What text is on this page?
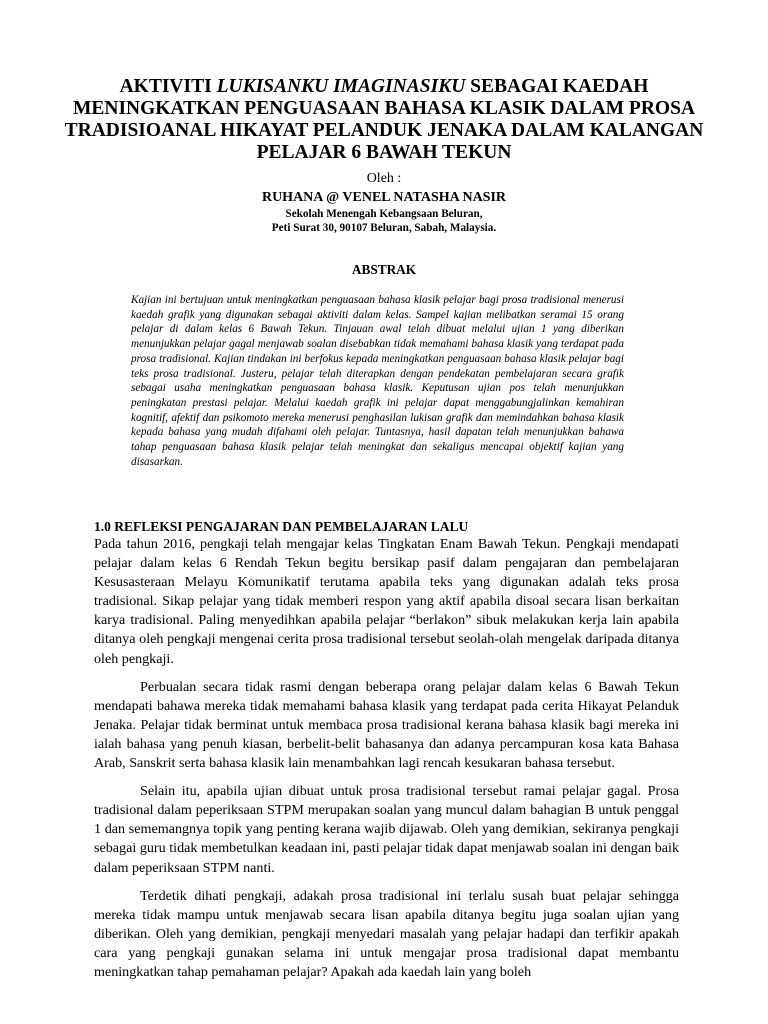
AKTIVITI LUKISANKU IMAGINASIKU SEBAGAI KAEDAH MENINGKATKAN PENGUASAAN BAHASA KLASIK DALAM PROSA TRADISIOANAL HIKAYAT PELANDUK JENAKA DALAM KALANGAN PELAJAR 6 BAWAH TEKUN
Oleh :
RUHANA @ VENEL NATASHA NASIR
Sekolah Menengah Kebangsaan Beluran,
Peti Surat 30, 90107 Beluran, Sabah, Malaysia.
ABSTRAK

Kajian ini bertujuan untuk meningkatkan penguasaan bahasa klasik pelajar bagi prosa tradisional menerusi kaedah grafik yang digunakan sebagai aktiviti dalam kelas. Sampel kajian melibatkan seramai 15 orang pelajar di dalam kelas 6 Bawah Tekun. Tinjauan awal telah dibuat melalui ujian 1 yang diberikan menunjukkan pelajar gagal menjawab soalan disebabkan tidak memahami bahasa klasik yang terdapat pada prosa tradisional. Kajian tindakan ini berfokus kepada meningkatkan penguasaan bahasa klasik pelajar bagi teks prosa tradisional. Justeru, pelajar telah diterapkan dengan pendekatan pembelajaran secara grafik sebagai usaha meningkatkan penguasaan bahasa klasik. Keputusan ujian pos telah menunjukkan peningkatan prestasi pelajar. Melalui kaedah grafik ini pelajar dapat menggabungjalinkan kemahiran kognitif, afektif dan psikomoto mereka menerusi penghasilan lukisan grafik dan memindahkan bahasa klasik kepada bahasa yang mudah difahami oleh pelajar. Tuntasnya, hasil dapatan telah menunjukkan bahawa tahap penguasaan bahasa klasik pelajar telah meningkat dan sekaligus mencapai objektif kajian yang disasarkan.

1.0 REFLEKSI PENGAJARAN DAN PEMBELAJARAN LALU

Pada tahun 2016, pengkaji telah mengajar kelas Tingkatan Enam Bawah Tekun. Pengkaji mendapati pelajar dalam kelas 6 Rendah Tekun begitu bersikap pasif dalam pengajaran dan pembelajaran Kesusasteraan Melayu Komunikatif terutama apabila teks yang digunakan adalah teks prosa tradisional. Sikap pelajar yang tidak memberi respon yang aktif apabila disoal secara lisan berkaitan karya tradisional. Paling menyedihkan apabila pelajar “berlakon” sibuk melakukan kerja lain apabila ditanya oleh pengkaji mengenai cerita prosa tradisional tersebut seolah-olah mengelak daripada ditanya oleh pengkaji.

Perbualan secara tidak rasmi dengan beberapa orang pelajar dalam kelas 6 Bawah Tekun mendapati bahawa mereka tidak memahami bahasa klasik yang terdapat pada cerita Hikayat Pelanduk Jenaka. Pelajar tidak berminat untuk membaca prosa tradisional kerana bahasa klasik bagi mereka ini ialah bahasa yang penuh kiasan, berbelit-belit bahasanya dan adanya percampuran kosa kata Bahasa Arab, Sanskrit serta bahasa klasik lain menambahkan lagi rencah kesukaran bahasa tersebut.

Selain itu, apabila ujian dibuat untuk prosa tradisional tersebut ramai pelajar gagal. Prosa tradisional dalam peperiksaan STPM merupakan soalan yang muncul dalam bahagian B untuk penggal 1 dan sememangnya topik yang penting kerana wajib dijawab. Oleh yang demikian, sekiranya pengkaji sebagai guru tidak membetulkan keadaan ini, pasti pelajar tidak dapat menjawab soalan ini dengan baik dalam peperiksaan STPM nanti.

Terdetik dihati pengkaji, adakah prosa tradisional ini terlalu susah buat pelajar sehingga mereka tidak mampu untuk menjawab secara lisan apabila ditanya begitu juga soalan ujian yang diberikan. Oleh yang demikian, pengkaji menyedari masalah yang pelajar hadapi dan terfikir apakah cara yang pengkaji gunakan selama ini untuk mengajar prosa tradisional dapat membantu meningkatkan tahap pemahaman pelajar? Apakah ada kaedah lain yang boleh
